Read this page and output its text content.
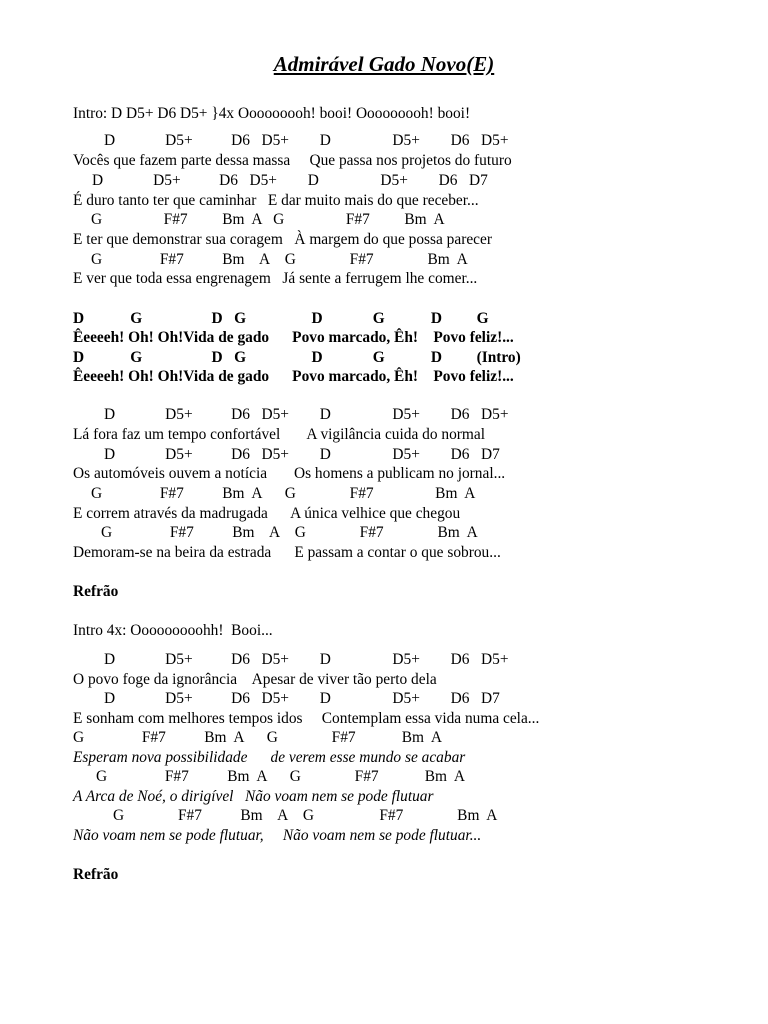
Admirável Gado Novo(E)
Intro: D D5+ D6 D5+ }4x Ooooooooh! booi! Ooooooooh! booi!
D             D5+          D6   D5+        D                D5+        D6   D5+
Vocês que fazem parte dessa massa     Que passa nos projetos do futuro
D             D5+          D6   D5+        D                D5+        D6   D7
É duro tanto ter que caminhar   E dar muito mais do que receber...
G                F#7         Bm  A   G                F#7         Bm  A
E ter que demonstrar sua coragem   À margem do que possa parecer
G               F#7          Bm    A    G              F#7              Bm  A
E ver que toda essa engrenagem   Já sente a ferrugem lhe comer...
D            G                  D   G                 D             G            D         G
Êeeeeh! Oh! Oh!Vida de gado      Povo marcado, Êh!    Povo feliz!...
D            G                  D   G                 D             G            D         (Intro)
Êeeeeh! Oh! Oh!Vida de gado      Povo marcado, Êh!    Povo feliz!...
D             D5+          D6   D5+        D                D5+        D6   D5+
Lá fora faz um tempo confortável       A vigilância cuida do normal
D             D5+          D6   D5+        D                D5+        D6   D7
Os automóveis ouvem a notícia       Os homens a publicam no jornal...
G               F#7          Bm  A      G              F#7                Bm  A
E correm através da madrugada      A única velhice que chegou
G               F#7          Bm    A    G              F#7              Bm  A
Demoram-se na beira da estrada      E passam a contar o que sobrou...
Refrão
Intro 4x: Ooooooooohh!  Booi...
D             D5+          D6   D5+        D                D5+        D6   D5+
O povo foge da ignorância    Apesar de viver tão perto dela
D             D5+          D6   D5+        D                D5+        D6   D7
E sonham com melhores tempos idos     Contemplam essa vida numa cela...
G               F#7          Bm  A      G              F#7            Bm  A
Esperam nova possibilidade      de verem esse mundo se acabar
G               F#7          Bm  A      G              F#7            Bm  A
A Arca de Noé, o dirigível   Não voam nem se pode flutuar
G              F#7          Bm    A    G                 F#7              Bm  A
Não voam nem se pode flutuar,     Não voam nem se pode flutuar...
Refrão
